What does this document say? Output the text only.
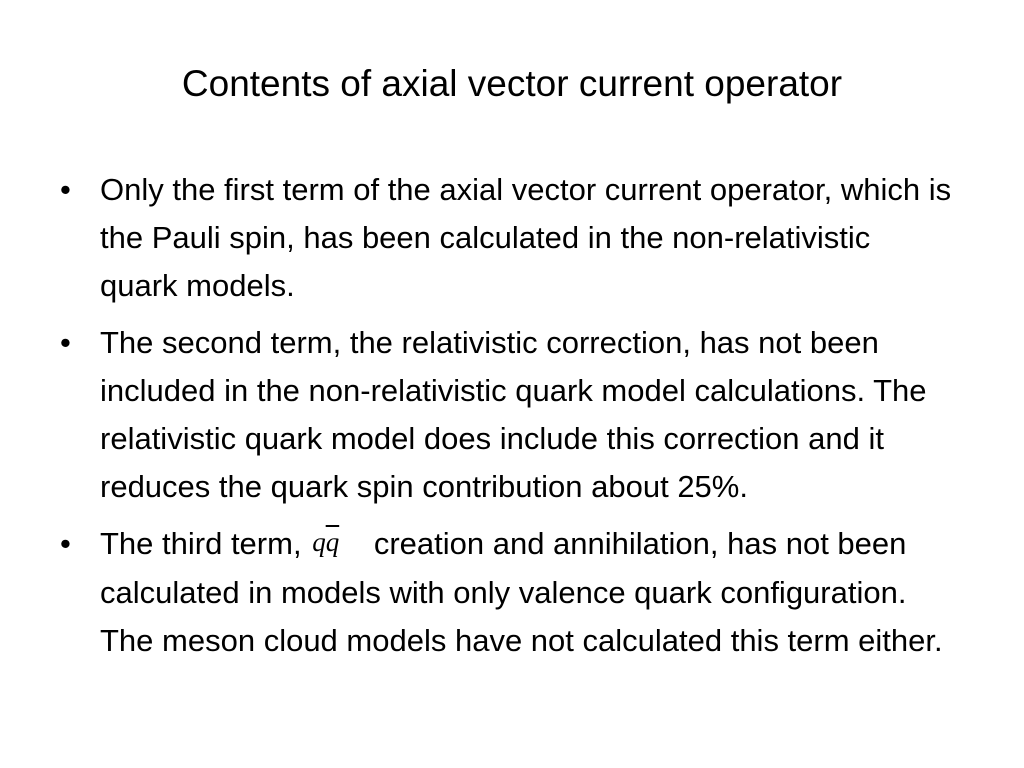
Contents of axial vector current operator
• Only the first term of the axial vector current operator, which is the Pauli spin, has been calculated in the non-relativistic quark models.
• The second term, the relativistic correction, has not been included in the non-relativistic quark model calculations. The relativistic quark model does include this correction and it reduces the quark spin contribution about 25%.
• The third term, $q\overline{q}$ creation and annihilation, has not been calculated in models with only valence quark configuration. The meson cloud models have not calculated this term either.
